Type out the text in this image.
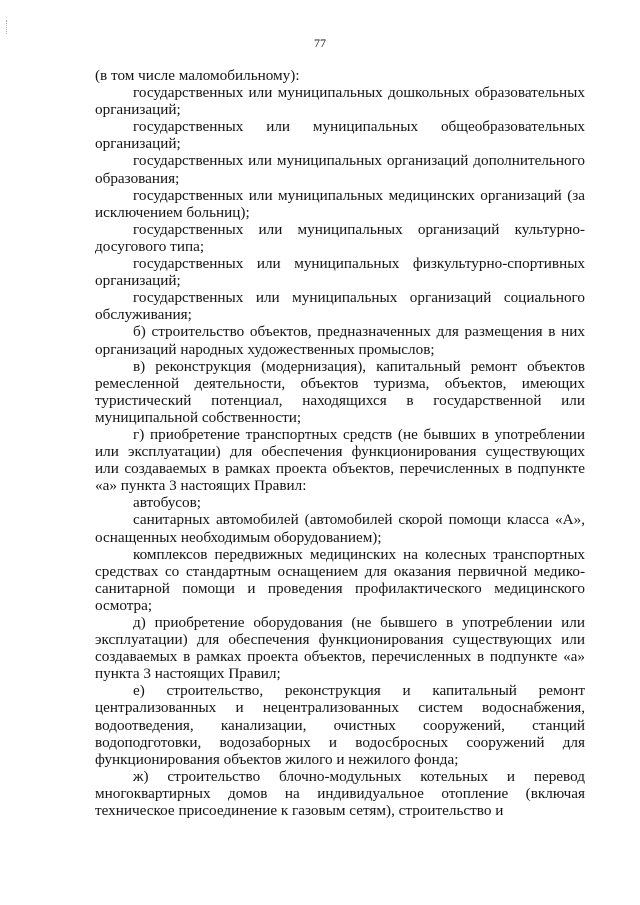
77

(в том числе маломобильному):

государственных или муниципальных дошкольных образовательных организаций;

государственных или муниципальных общеобразовательных организаций;

государственных или муниципальных организаций дополнительного образования;

государственных или муниципальных медицинских организаций (за исключением больниц);

государственных или муниципальных организаций культурно-досугового типа;

государственных или муниципальных физкультурно-спортивных организаций;

государственных или муниципальных организаций социального обслуживания;

б) строительство объектов, предназначенных для размещения в них организаций народных художественных промыслов;

в) реконструкция (модернизация), капитальный ремонт объектов ремесленной деятельности, объектов туризма, объектов, имеющих туристический потенциал, находящихся в государственной или муниципальной собственности;

г) приобретение транспортных средств (не бывших в употреблении или эксплуатации) для обеспечения функционирования существующих или создаваемых в рамках проекта объектов, перечисленных в подпункте «а» пункта 3 настоящих Правил:

автобусов;

санитарных автомобилей (автомобилей скорой помощи класса «А», оснащенных необходимым оборудованием);

комплексов передвижных медицинских на колесных транспортных средствах со стандартным оснащением для оказания первичной медико-санитарной помощи и проведения профилактического медицинского осмотра;

д) приобретение оборудования (не бывшего в употреблении или эксплуатации) для обеспечения функционирования существующих или создаваемых в рамках проекта объектов, перечисленных в подпункте «а» пункта 3 настоящих Правил;

е) строительство, реконструкция и капитальный ремонт централизованных и нецентрализованных систем водоснабжения, водоотведения, канализации, очистных сооружений, станций водоподготовки, водозаборных и водосбросных сооружений для функционирования объектов жилого и нежилого фонда;

ж) строительство блочно-модульных котельных и перевод многоквартирных домов на индивидуальное отопление (включая техническое присоединение к газовым сетям), строительство и
